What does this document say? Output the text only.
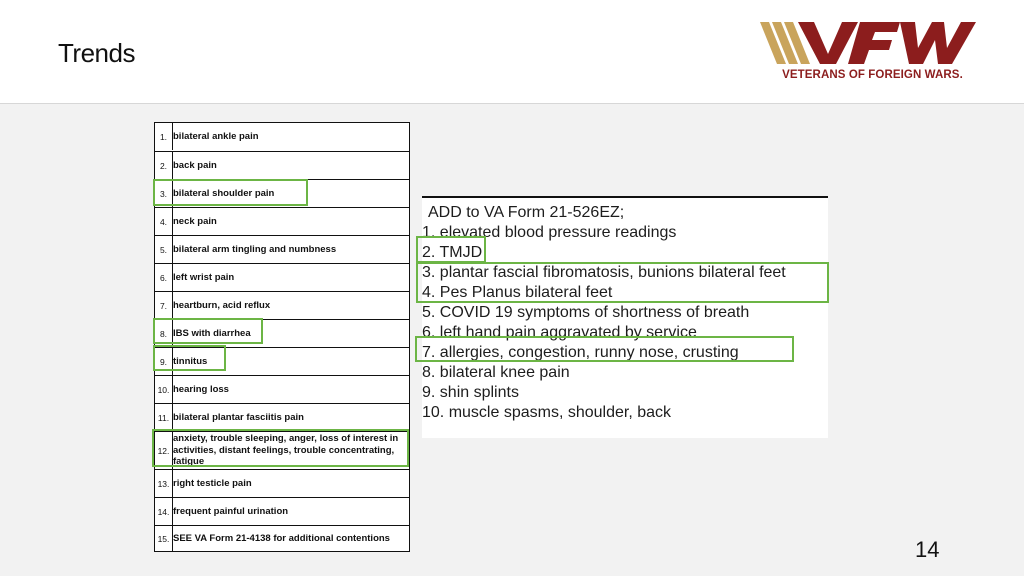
Trends
VETERANS OF FOREIGN WARS.
1. bilateral ankle pain
2. back pain
3. bilateral shoulder pain
4. neck pain
5. bilateral arm tingling and numbness
6. left wrist pain
7. heartburn, acid reflux
8. IBS with diarrhea
9. tinnitus
10. hearing loss
11. bilateral plantar fasciitis pain
12.
anxiety, trouble sleeping, anger, loss of interest in activities, distant feelings, trouble concentrating, fatigue
13. right testicle pain
14. frequent painful urination
15. SEE VA Form 21-4138 for additional contentions
ADD to VA Form 21-526EZ;
1. elevated blood pressure readings
2. TMJD
3. plantar fascial fibromatosis, bunions bilateral feet
4. Pes Planus bilateral feet
5. COVID 19 symptoms of shortness of breath
6. left hand pain aggravated by service
7. allergies, congestion, runny nose, crusting
8. bilateral knee pain
9. shin splints
10. muscle spasms, shoulder, back
14
